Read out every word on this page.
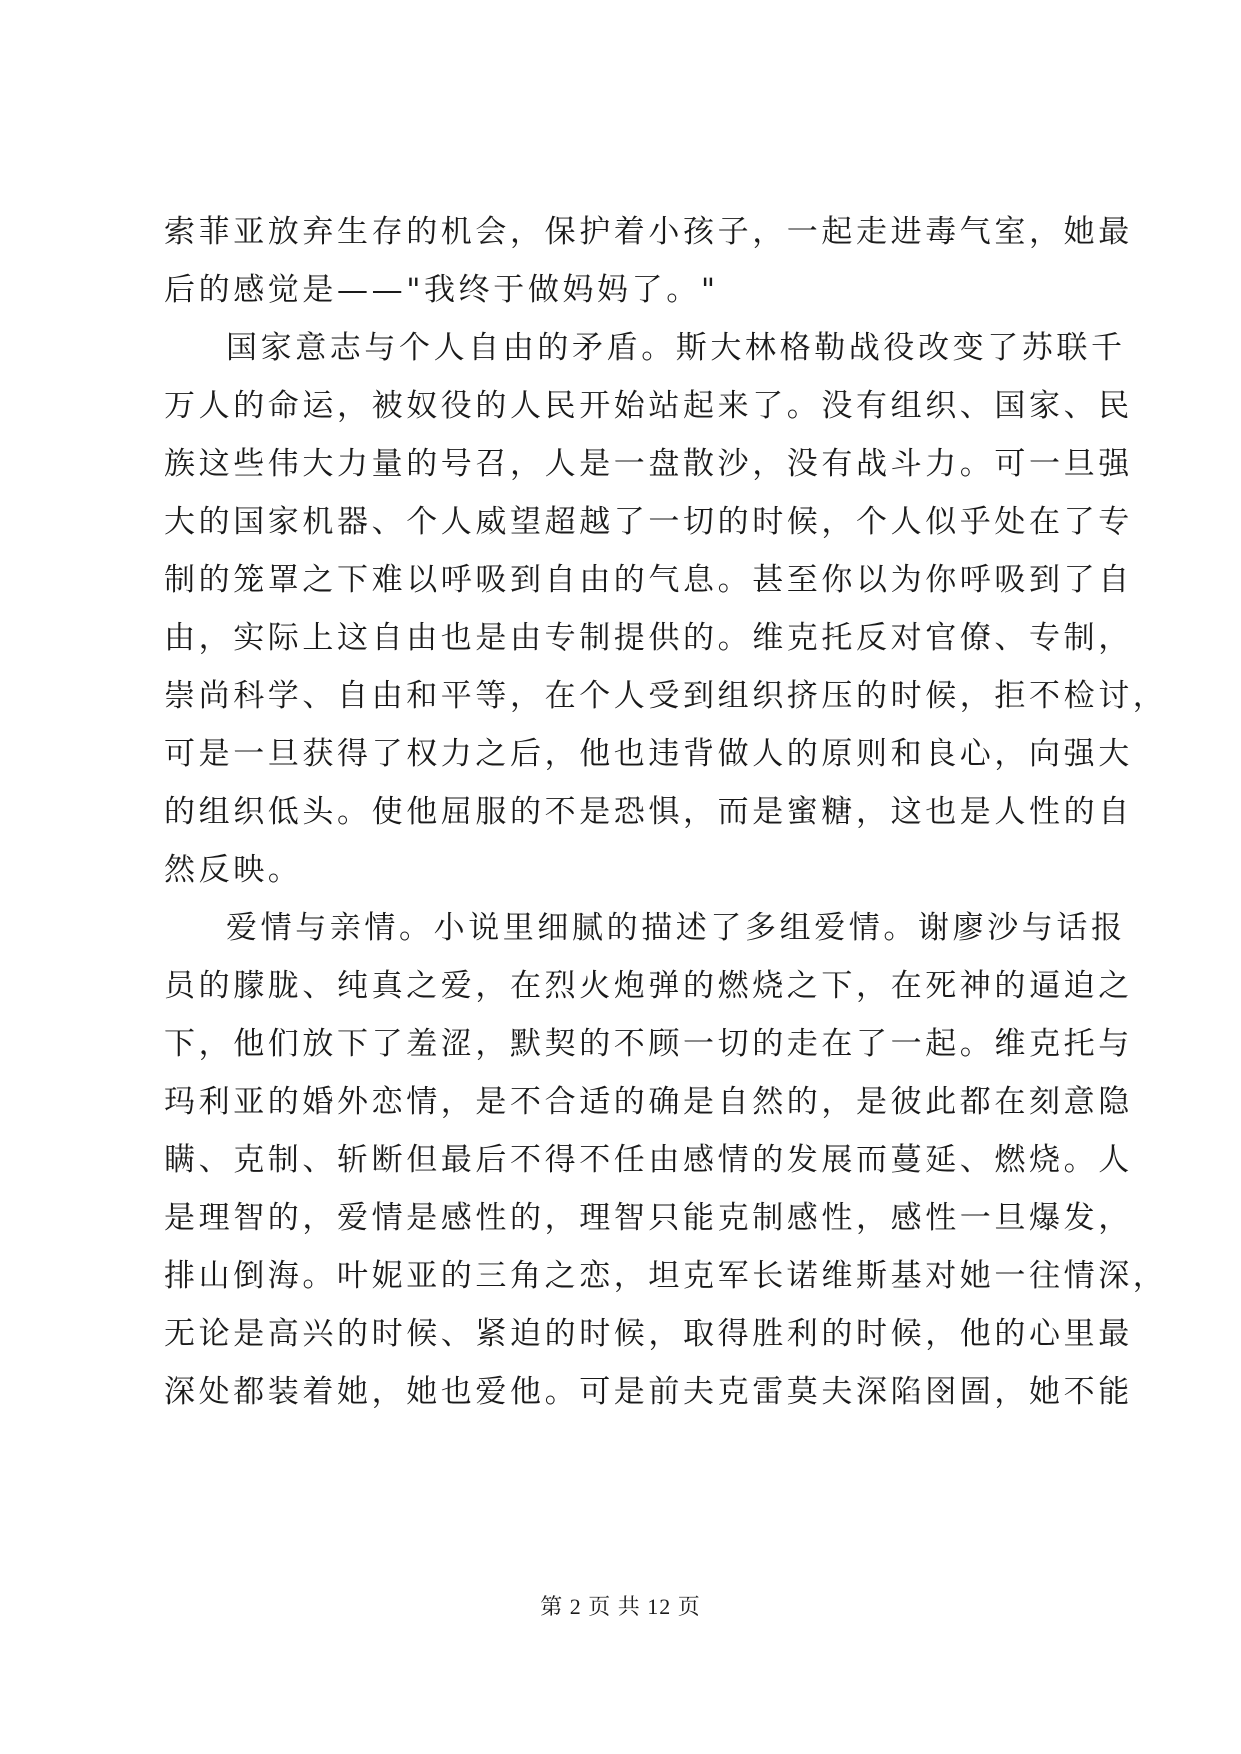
索菲亚放弃生存的机会，保护着小孩子，一起走进毒气室，她最
后的感觉是——"我终于做妈妈了。"
国家意志与个人自由的矛盾。斯大林格勒战役改变了苏联千
万人的命运，被奴役的人民开始站起来了。没有组织、国家、民
族这些伟大力量的号召，人是一盘散沙，没有战斗力。可一旦强
大的国家机器、个人威望超越了一切的时候，个人似乎处在了专
制的笼罩之下难以呼吸到自由的气息。甚至你以为你呼吸到了自
由，实际上这自由也是由专制提供的。维克托反对官僚、专制，
崇尚科学、自由和平等，在个人受到组织挤压的时候，拒不检讨，
可是一旦获得了权力之后，他也违背做人的原则和良心，向强大
的组织低头。使他屈服的不是恐惧，而是蜜糖，这也是人性的自
然反映。
爱情与亲情。小说里细腻的描述了多组爱情。谢廖沙与话报
员的朦胧、纯真之爱，在烈火炮弹的燃烧之下，在死神的逼迫之
下，他们放下了羞涩，默契的不顾一切的走在了一起。维克托与
玛利亚的婚外恋情，是不合适的确是自然的，是彼此都在刻意隐
瞒、克制、斩断但最后不得不任由感情的发展而蔓延、燃烧。人
是理智的，爱情是感性的，理智只能克制感性，感性一旦爆发，
排山倒海。叶妮亚的三角之恋，坦克军长诺维斯基对她一往情深，
无论是高兴的时候、紧迫的时候，取得胜利的时候，他的心里最
深处都装着她，她也爱他。可是前夫克雷莫夫深陷囹圄，她不能
第 2 页 共 12 页
